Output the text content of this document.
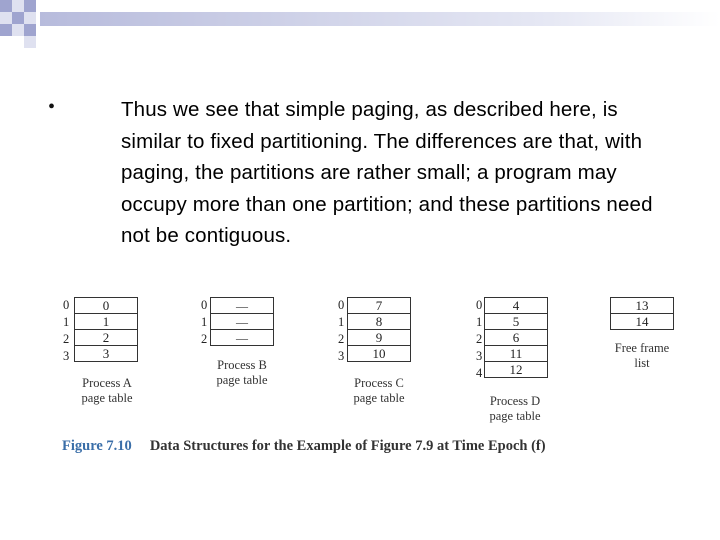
•	Thus we see that simple paging, as described here, is similar to fixed partitioning. The differences are that, with paging, the partitions are rather small; a program may occupy more than one partition; and these partitions need not be contiguous.
0
1
2
3
0
1
2
3
Process A
page table
0
1
2
—
—
—
Process B
page table
0
1
2
3
7
8
9
10
Process C
page table
0
1
2
3
4
4
5
6
11
12
Process D
page table
13
14
Free frame
list
Figure 7.10 Data Structures for the Example of Figure 7.9 at Time Epoch (f)
